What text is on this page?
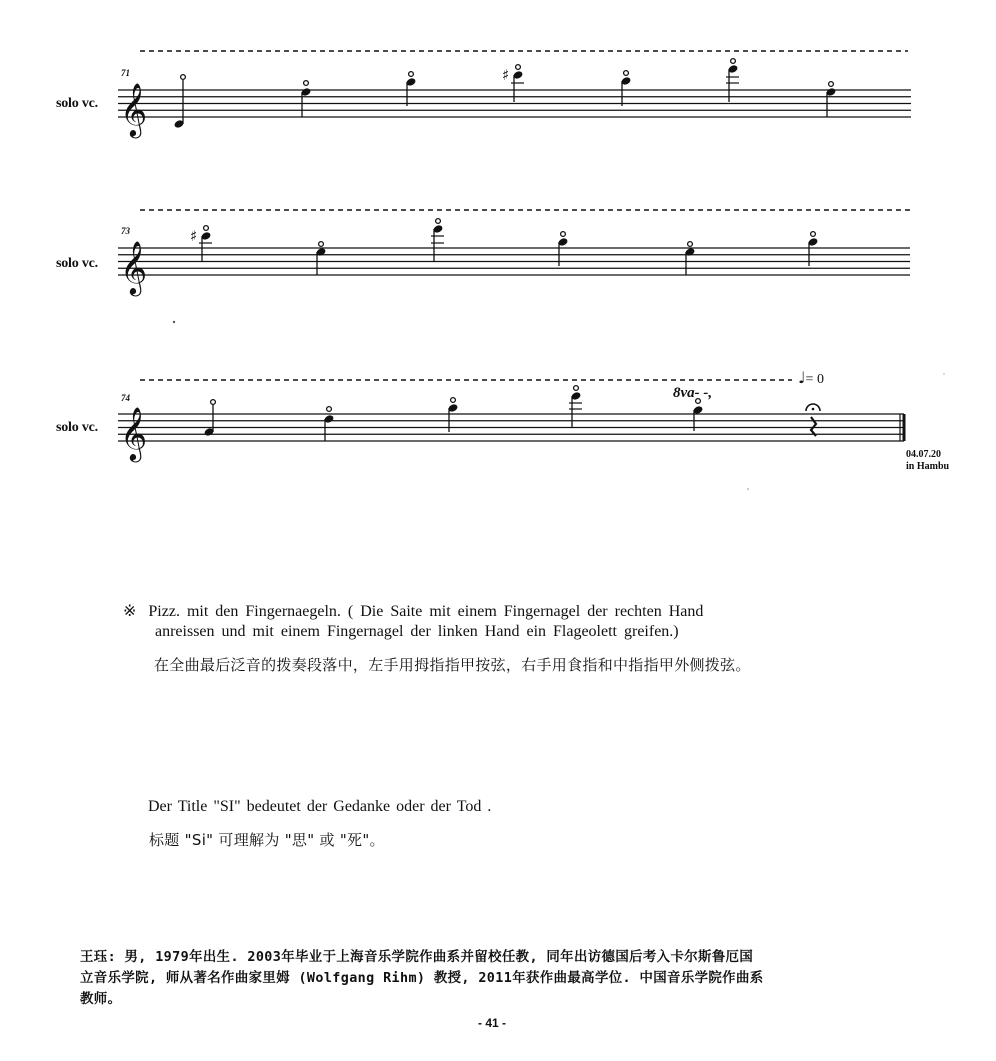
𝄞
♯
𝄞
♯
𝄞
solo vc.
solo vc.
solo vc.
71
73
74	8va- -,
♩= 0
04.07.20
in Hambu
※ Pizz. mit den Fingernaegeln. ( Die Saite mit einem Fingernagel der rechten Hand
anreissen und mit einem Fingernagel der linken Hand ein Flageolett greifen.)
在全曲最后泛音的拨奏段落中，左手用拇指指甲按弦，右手用食指和中指指甲外侧拨弦。
Der Title "SI" bedeutet der Gedanke oder der Tod .
标题 "Si" 可理解为 "思" 或 "死"。
王珏: 男, 1979年出生. 2003年毕业于上海音乐学院作曲系并留校任教, 同年出访德国后考入卡尔斯鲁厄国
立音乐学院, 师从著名作曲家里姆 (Wolfgang Rihm) 教授, 2011年获作曲最高学位. 中国音乐学院作曲系
教师。
- 41 -
